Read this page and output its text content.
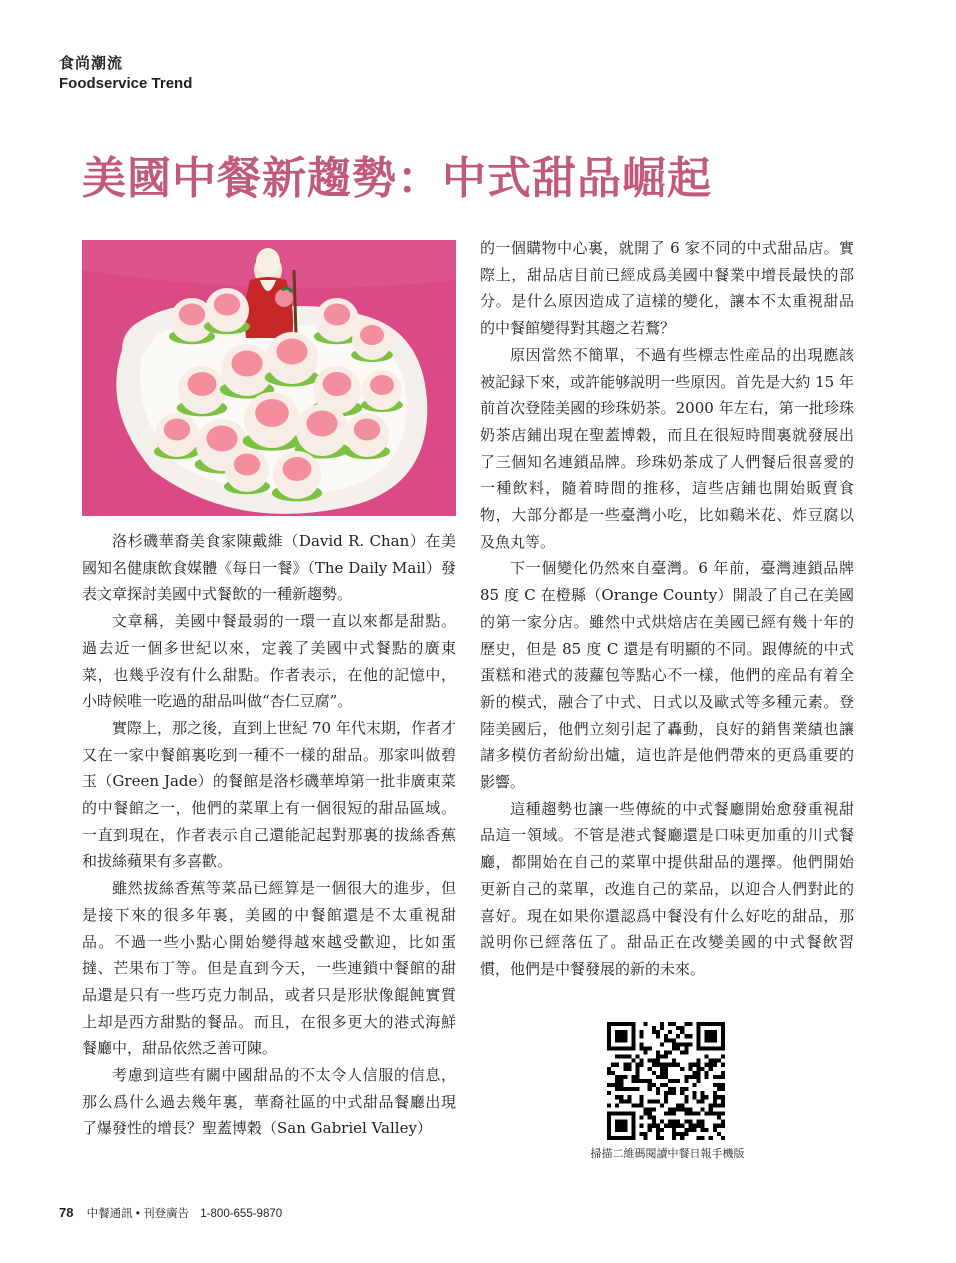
食尚潮流
Foodservice Trend
美國中餐新趨勢：中式甜品崛起

洛杉磯華裔美食家陳戴維（David R. Chan）在美國知名健康飲食媒體《每日一餐》（The Daily Mail）發表文章探討美國中式餐飲的一種新趨勢。

文章稱，美國中餐最弱的一環一直以來都是甜點。過去近一個多世紀以來，定義了美國中式餐點的廣東菜，也幾乎沒有什么甜點。作者表示，在他的記憶中，小時候唯一吃過的甜品叫做“杏仁豆腐”。

實際上，那之後，直到上世紀 70 年代末期，作者才又在一家中餐館裏吃到一種不一樣的甜品。那家叫做碧玉（Green Jade）的餐館是洛杉磯華埠第一批非廣東菜的中餐館之一，他們的菜單上有一個很短的甜品區域。一直到現在，作者表示自己還能記起對那裏的拔絲香蕉和拔絲蘋果有多喜歡。

雖然拔絲香蕉等菜品已經算是一個很大的進步，但是接下來的很多年裏，美國的中餐館還是不太重視甜品。不過一些小點心開始變得越來越受歡迎，比如蛋撻、芒果布丁等。但是直到今天，一些連鎖中餐館的甜品還是只有一些巧克力制品，或者只是形狀像餛飩實質上却是西方甜點的餐品。而且，在很多更大的港式海鮮餐廳中，甜品依然乏善可陳。

考慮到這些有關中國甜品的不太令人信服的信息，那么爲什么過去幾年裏，華裔社區的中式甜品餐廳出現了爆發性的增長？聖蓋博穀（San Gabriel Valley）

的一個購物中心裏，就開了 6 家不同的中式甜品店。實際上，甜品店目前已經成爲美國中餐業中增長最快的部分。是什么原因造成了這樣的變化，讓本不太重視甜品的中餐館變得對其趨之若鶩？

原因當然不簡單，不過有些標志性産品的出現應該被記録下來，或許能够説明一些原因。首先是大約 15 年前首次登陸美國的珍珠奶茶。2000 年左右，第一批珍珠奶茶店鋪出現在聖蓋博穀，而且在很短時間裏就發展出了三個知名連鎖品牌。珍珠奶茶成了人們餐后很喜愛的一種飲料，隨着時間的推移，這些店鋪也開始販賣食物，大部分都是一些臺灣小吃，比如鷄米花、炸豆腐以及魚丸等。

下一個變化仍然來自臺灣。6 年前，臺灣連鎖品牌 85 度 C 在橙縣（Orange County）開設了自己在美國的第一家分店。雖然中式烘焙店在美國已經有幾十年的歷史，但是 85 度 C 還是有明顯的不同。跟傳統的中式蛋糕和港式的菠蘿包等點心不一樣，他們的産品有着全新的模式，融合了中式、日式以及歐式等多種元素。登陸美國后，他們立刻引起了轟動，良好的銷售業績也讓諸多模仿者紛紛出爐，這也許是他們帶來的更爲重要的影響。

這種趨勢也讓一些傳統的中式餐廳開始愈發重視甜品這一領域。不管是港式餐廳還是口味更加重的川式餐廳，都開始在自己的菜單中提供甜品的選擇。他們開始更新自己的菜單，改進自己的菜品，以迎合人們對此的喜好。現在如果你還認爲中餐没有什么好吃的甜品，那説明你已經落伍了。甜品正在改變美國的中式餐飲習慣，他們是中餐發展的新的未來。

掃描二維碼閱讀中餐日報手機版
78 中餐通訊 • 刊登廣告 1-800-655-9870
